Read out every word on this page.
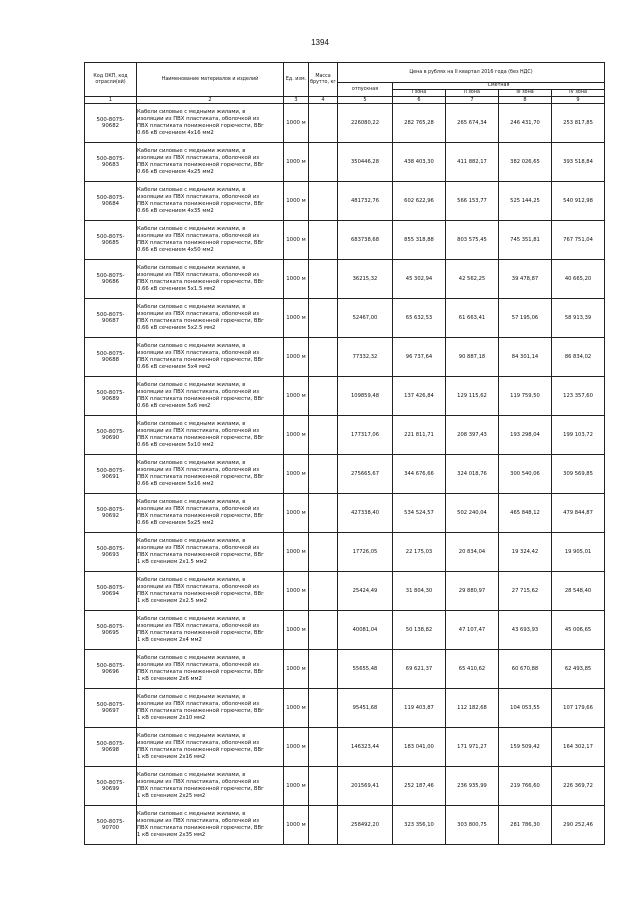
1394
Код ОКП, код отрасли(ей)	Наименование материалов и изделий	Ед. изм.	Масса брутто, кг	Цена в рублях на II квартал 2016 года (без НДС)				
				отпускная	Сметная			
					I зона	II зона	III зона	IV зона
1	2	3	4	5	6	7	8	9

500-8075-
90682	Кабели силовые с медными жилами, в
изоляции из ПВХ пластиката, оболочкой из
ПВХ пластиката пониженной горючести, ВВг
0.66 кВ сечением 4х16 мм2	1000 м		226080,22	282 765,28	265 674,34	246 431,70	253 817,85

500-8075-
90683	Кабели силовые с медными жилами, в
изоляции из ПВХ пластиката, оболочкой из
ПВХ пластиката пониженной горючести, ВВг
0.66 кВ сечением 4х25 мм2	1000 м		350446,28	438 403,30	411 882,17	382 026,65	393 518,84

500-8075-
90684	Кабели силовые с медными жилами, в
изоляции из ПВХ пластиката, оболочкой из
ПВХ пластиката пониженной горючести, ВВг
0.66 кВ сечением 4х35 мм2	1000 м		481732,76	602 622,96	566 153,77	525 144,25	540 912,98

500-8075-
90685	Кабели силовые с медными жилами, в
изоляции из ПВХ пластиката, оболочкой из
ПВХ пластиката пониженной горючести, ВВг
0.66 кВ сечением 4х50 мм2	1000 м		683738,68	855 318,88	803 575,45	745 351,81	767 751,04

500-8075-
90686	Кабели силовые с медными жилами, в
изоляции из ПВХ пластиката, оболочкой из
ПВХ пластиката пониженной горючести, ВВг
0.66 кВ сечением 5х1.5 мм2	1000 м		36215,32	45 302,94	42 562,25	39 478,87	40 665,20

500-8075-
90687	Кабели силовые с медными жилами, в
изоляции из ПВХ пластиката, оболочкой из
ПВХ пластиката пониженной горючести, ВВг
0.66 кВ сечением 5х2.5 мм2	1000 м		52467,00	65 632,53	61 663,41	57 195,06	58 913,39

500-8075-
90688	Кабели силовые с медными жилами, в
изоляции из ПВХ пластиката, оболочкой из
ПВХ пластиката пониженной горючести, ВВг
0.66 кВ сечением 5х4 мм2	1000 м		77332,32	96 737,64	90 887,18	84 301,14	86 834,02

500-8075-
90689	Кабели силовые с медными жилами, в
изоляции из ПВХ пластиката, оболочкой из
ПВХ пластиката пониженной горючести, ВВг
0.66 кВ сечением 5х6 мм2	1000 м		109859,48	137 426,84	129 115,62	119 759,50	123 357,60

500-8075-
90690	Кабели силовые с медными жилами, в
изоляции из ПВХ пластиката, оболочкой из
ПВХ пластиката пониженной горючести, ВВг
0.66 кВ сечением 5х10 мм2	1000 м		177317,06	221 811,71	208 397,43	193 298,04	199 103,72

500-8075-
90691	Кабели силовые с медными жилами, в
изоляции из ПВХ пластиката, оболочкой из
ПВХ пластиката пониженной горючести, ВВг
0.66 кВ сечением 5х16 мм2	1000 м		275665,67	344 676,66	324 018,76	300 540,06	309 569,85

500-8075-
90692	Кабели силовые с медными жилами, в
изоляции из ПВХ пластиката, оболочкой из
ПВХ пластиката пониженной горючести, ВВг
0.66 кВ сечением 5х25 мм2	1000 м		427338,40	534 524,57	502 240,04	465 848,12	479 844,87

500-8075-
90693	Кабели силовые с медными жилами, в
изоляции из ПВХ пластиката, оболочкой из
ПВХ пластиката пониженной горючести, ВВг
1 кВ сечением 2х1.5 мм2	1000 м		17726,05	22 175,03	20 834,04	19 324,42	19 905,01

500-8075-
90694	Кабели силовые с медными жилами, в
изоляции из ПВХ пластиката, оболочкой из
ПВХ пластиката пониженной горючести, ВВг
1 кВ сечением 2х2.5 мм2	1000 м		25424,49	31 804,30	29 880,97	27 715,62	28 548,40

500-8075-
90695	Кабели силовые с медными жилами, в
изоляции из ПВХ пластиката, оболочкой из
ПВХ пластиката пониженной горючести, ВВг
1 кВ сечением 2х4 мм2	1000 м		40081,04	50 138,82	47 107,47	43 693,93	45 006,65

500-8075-
90696	Кабели силовые с медными жилами, в
изоляции из ПВХ пластиката, оболочкой из
ПВХ пластиката пониженной горючести, ВВг
1 кВ сечением 2х6 мм2	1000 м		55655,48	69 621,37	65 410,62	60 670,88	62 493,85

500-8075-
90697	Кабели силовые с медными жилами, в
изоляции из ПВХ пластиката, оболочкой из
ПВХ пластиката пониженной горючести, ВВг
1 кВ сечением 2х10 мм2	1000 м		95451,68	119 403,87	112 182,68	104 053,55	107 179,66

500-8075-
90698	Кабели силовые с медными жилами, в
изоляции из ПВХ пластиката, оболочкой из
ПВХ пластиката пониженной горючести, ВВг
1 кВ сечением 2х16 мм2	1000 м		146323,44	183 041,00	171 971,27	159 509,42	164 302,17

500-8075-
90699	Кабели силовые с медными жилами, в
изоляции из ПВХ пластиката, оболочкой из
ПВХ пластиката пониженной горючести, ВВг
1 кВ сечением 2х25 мм2	1000 м		201569,41	252 187,46	236 935,99	219 766,60	226 369,72

500-8075-
90700	Кабели силовые с медными жилами, в
изоляции из ПВХ пластиката, оболочкой из
ПВХ пластиката пониженной горючести, ВВг
1 кВ сечением 2х35 мм2	1000 м		258492,20	323 356,10	303 800,75	281 786,30	290 252,46
